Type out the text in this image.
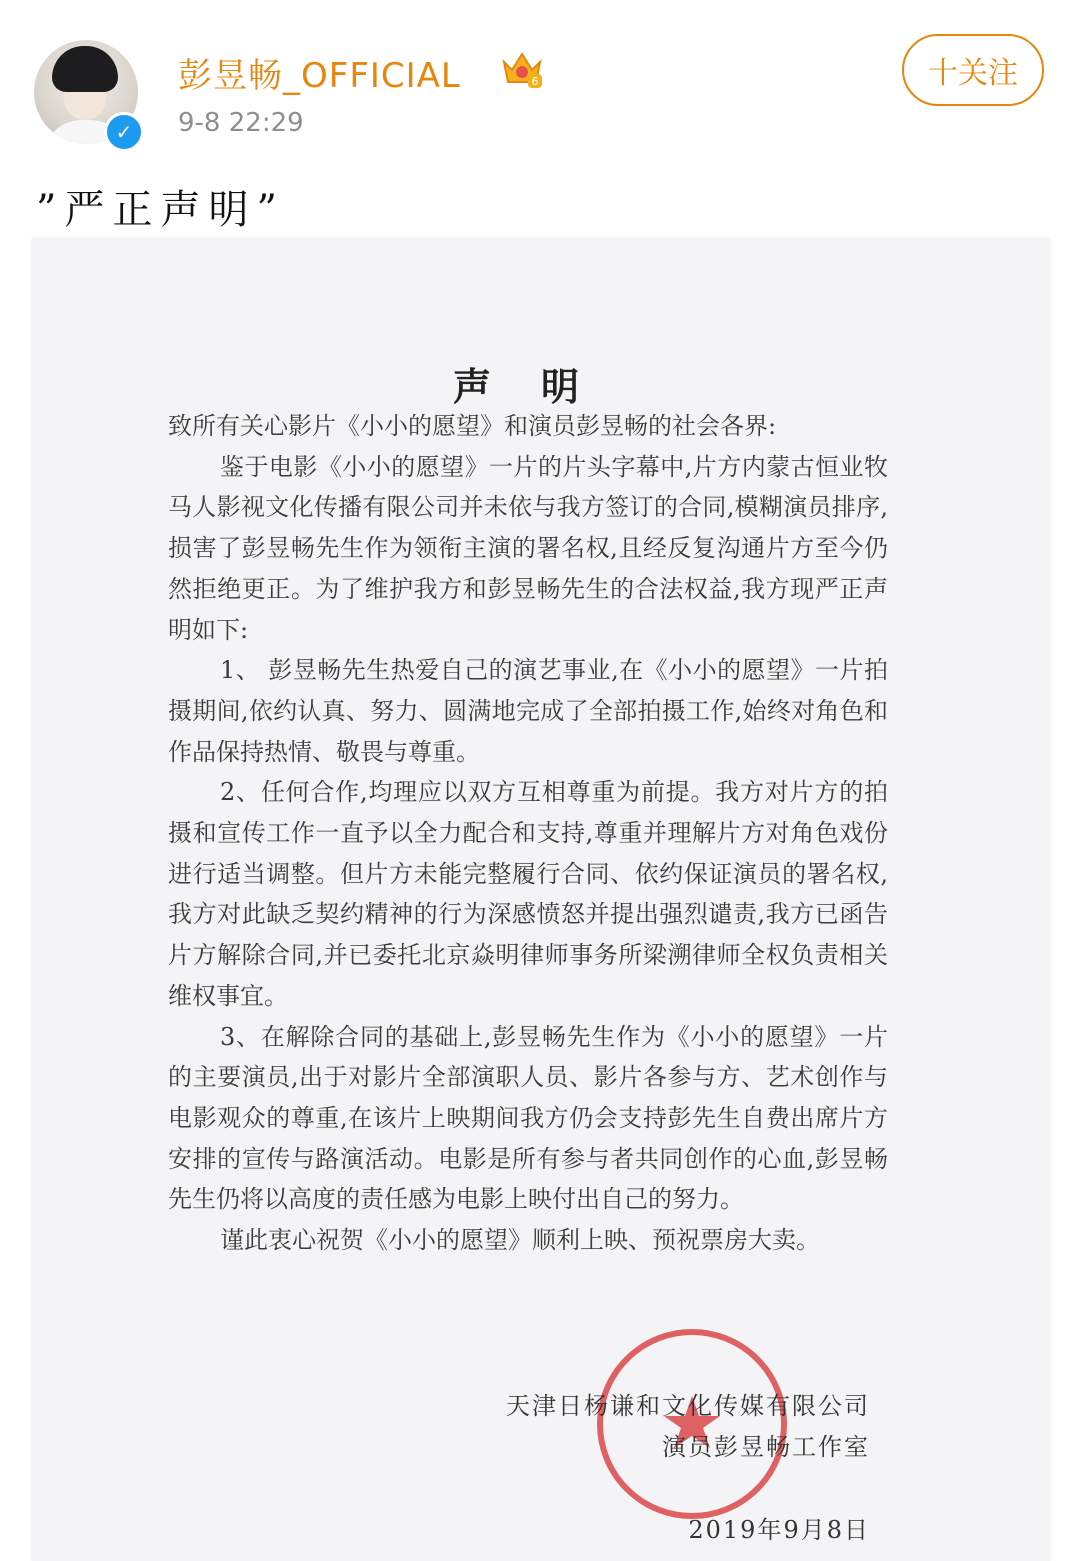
✓
彭昱畅_OFFICIAL	6
9-8 22:29
十关注
”严正声明”
声明

致所有关心影片《小小的愿望》和演员彭昱畅的社会各界:

鉴于电影《小小的愿望》一片的片头字幕中,片方内蒙古恒业牧马人影视文化传播有限公司并未依与我方签订的合同,模糊演员排序,损害了彭昱畅先生作为领衔主演的署名权,且经反复沟通片方至今仍然拒绝更正。为了维护我方和彭昱畅先生的合法权益,我方现严正声明如下:

1、 彭昱畅先生热爱自己的演艺事业,在《小小的愿望》一片拍摄期间,依约认真、努力、圆满地完成了全部拍摄工作,始终对角色和作品保持热情、敬畏与尊重。

2、任何合作,均理应以双方互相尊重为前提。我方对片方的拍摄和宣传工作一直予以全力配合和支持,尊重并理解片方对角色戏份进行适当调整。但片方未能完整履行合同、依约保证演员的署名权,我方对此缺乏契约精神的行为深感愤怒并提出强烈谴责,我方已函告片方解除合同,并已委托北京焱明律师事务所梁溯律师全权负责相关维权事宜。

3、在解除合同的基础上,彭昱畅先生作为《小小的愿望》一片的主要演员,出于对影片全部演职人员、影片各参与方、艺术创作与电影观众的尊重,在该片上映期间我方仍会支持彭先生自费出席片方安排的宣传与路演活动。电影是所有参与者共同创作的心血,彭昱畅先生仍将以高度的责任感为电影上映付出自己的努力。

谨此衷心祝贺《小小的愿望》顺利上映、预祝票房大卖。

天津日杨谦和文化传媒有限公司
演员彭昱畅工作室
2019年9月8日
